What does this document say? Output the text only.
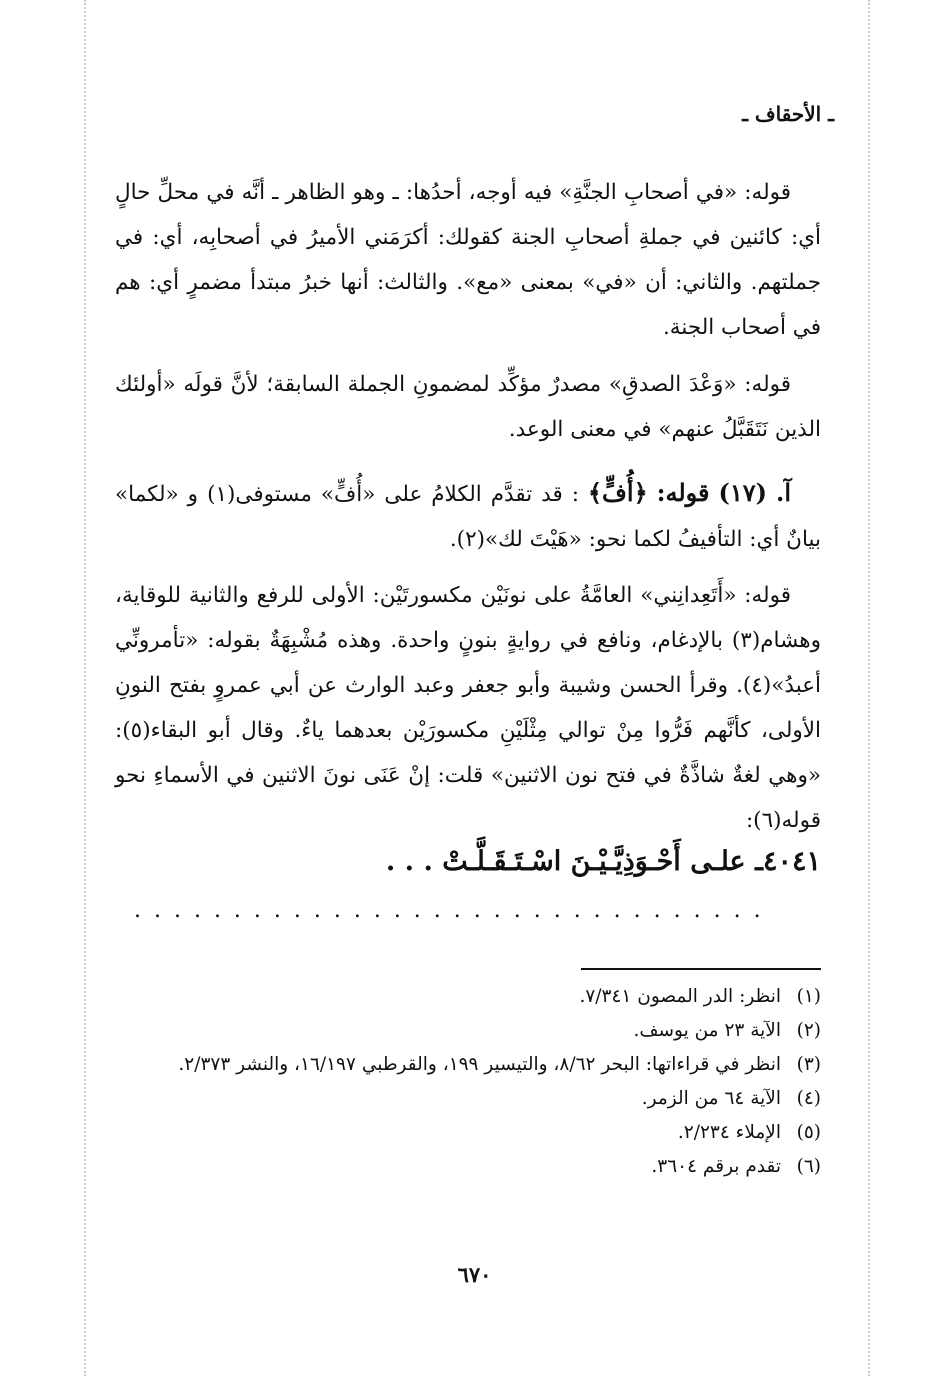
ـ الأحقاف ـ

قوله: «في أصحابِ الجنَّةِ» فيه أوجه، أحدُها: ـ وهو الظاهر ـ أنَّه في محلِّ حالٍ أي: كائنين في جملةِ أصحابِ الجنة كقولك: أكرَمَني الأميرُ في أصحابِه، أي: في جملتهم. والثاني: أن «في» بمعنى «مع». والثالث: أنها خبرُ مبتدأ مضمرٍ أي: هم في أصحاب الجنة.

قوله: «وَعْدَ الصدقِ» مصدرٌ مؤكِّد لمضمونِ الجملة السابقة؛ لأنَّ قولَه «أولئك الذين نَتَقَبَّلُ عنهم» في معنى الوعد.

آ. (١٧) قوله: ﴿أُفٍّ﴾ : قد تقدَّم الكلامُ على «أُفٍّ» مستوفى(١) و «لكما» بيانٌ أي: التأفيفُ لكما نحو: «هَيْتَ لك»(٢).

قوله: «أَتَعِدانِني» العامَّةُ على نونَيْن مكسورتَيْن: الأولى للرفع والثانية للوقاية، وهشام(٣) بالإدغام، ونافع في روايةٍ بنونٍ واحدة. وهذه مُشْبِهَةٌ بقوله: «تأمرونِّي أعبدُ»(٤). وقرأ الحسن وشيبة وأبو جعفر وعبد الوارث عن أبي عمروٍ بفتح النونِ الأولى، كأنَّهم فَرُّوا مِنْ توالي مِثْلَيْنِ مكسورَيْن بعدهما ياءٌ. وقال أبو البقاء(٥): «وهي لغةٌ شاذَّةٌ في فتح نون الاثنين» قلت: إنْ عَنَى نونَ الاثنين في الأسماءِ نحو قوله(٦):

٤٠٤١ـ علـى أَحْـوَذِيَّـيْـنَ اسْـتَـقَـلَّـتْ . . .
. . . . . . . . . . . . . . . . . . . . . . . . . . . . . . . .
(١)
انظر: الدر المصون ٧/٣٤١.
(٢)
الآية ٢٣ من يوسف.
(٣)
انظر في قراءاتها: البحر ٨/٦٢، والتيسير ١٩٩، والقرطبي ١٦/١٩٧، والنشر ٢/٣٧٣.
(٤)
الآية ٦٤ من الزمر.
(٥)
الإملاء ٢/٢٣٤.
(٦)
تقدم برقم ٣٦٠٤.
٦٧٠
